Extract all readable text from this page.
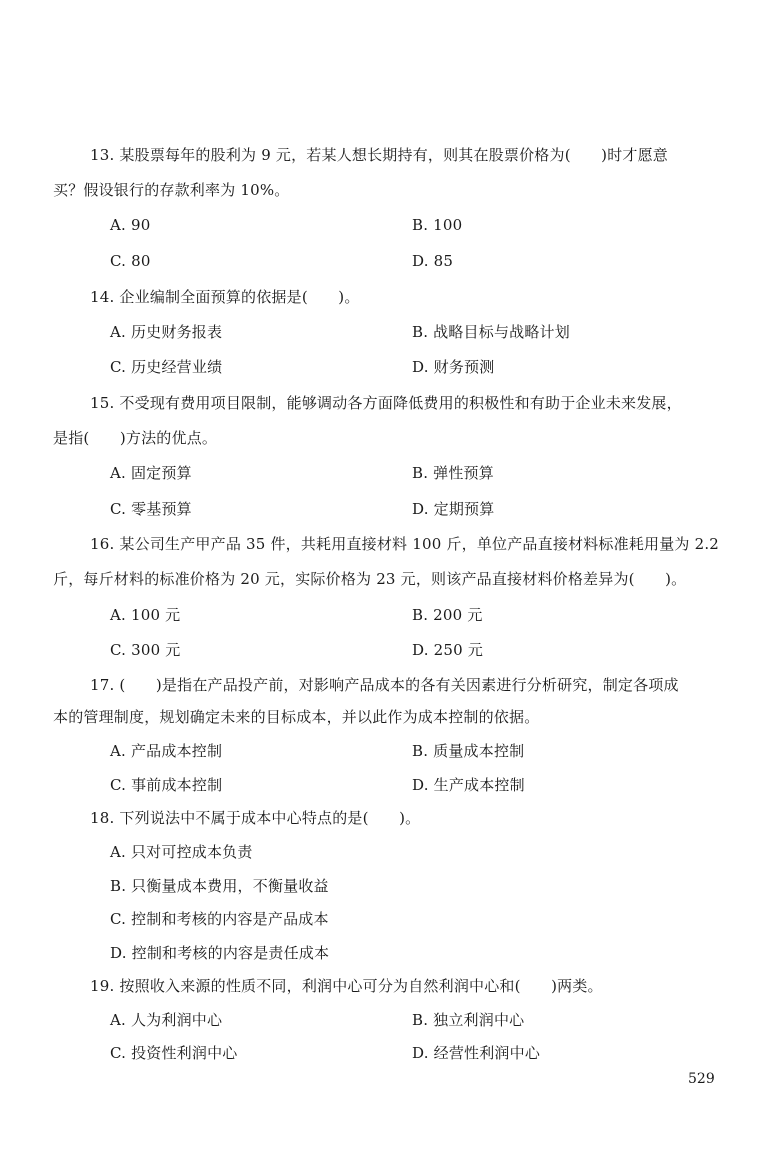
13. 某股票每年的股利为 9 元，若某人想长期持有，则其在股票价格为(　　)时才愿意
买？假设银行的存款利率为 10%。
A. 90	B. 100
C. 80	D. 85
14. 企业编制全面预算的依据是(　　)。
A. 历史财务报表	B. 战略目标与战略计划
C. 历史经营业绩	D. 财务预测
15. 不受现有费用项目限制，能够调动各方面降低费用的积极性和有助于企业未来发展，
是指(　　)方法的优点。
A. 固定预算	B. 弹性预算
C. 零基预算	D. 定期预算
16. 某公司生产甲产品 35 件，共耗用直接材料 100 斤，单位产品直接材料标准耗用量为 2.2
斤，每斤材料的标准价格为 20 元，实际价格为 23 元，则该产品直接材料价格差异为(　　)。
A. 100 元	B. 200 元
C. 300 元	D. 250 元
17. (　　)是指在产品投产前，对影响产品成本的各有关因素进行分析研究，制定各项成
本的管理制度，规划确定未来的目标成本，并以此作为成本控制的依据。
A. 产品成本控制	B. 质量成本控制
C. 事前成本控制	D. 生产成本控制
18. 下列说法中不属于成本中心特点的是(　　)。
A. 只对可控成本负责
B. 只衡量成本费用，不衡量收益
C. 控制和考核的内容是产品成本
D. 控制和考核的内容是责任成本
19. 按照收入来源的性质不同，利润中心可分为自然利润中心和(　　)两类。
A. 人为利润中心	B. 独立利润中心
C. 投资性利润中心	D. 经营性利润中心
529
